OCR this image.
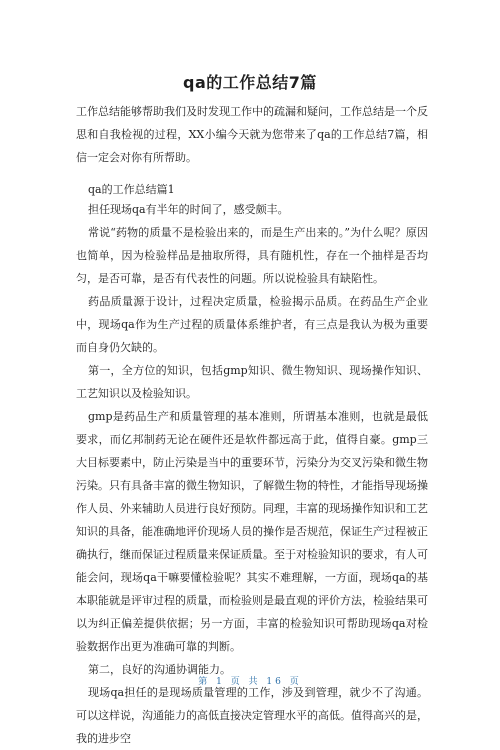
qa的工作总结7篇
工作总结能够帮助我们及时发现工作中的疏漏和疑问，工作总结是一个反思和自我检视的过程，XX小编今天就为您带来了qa的工作总结7篇，相信一定会对你有所帮助。
qa的工作总结篇1

担任现场qa有半年的时间了，感受颇丰。

常说“药物的质量不是检验出来的，而是生产出来的。”为什么呢？原因也简单，因为检验样品是抽取所得，具有随机性，存在一个抽样是否均匀，是否可靠，是否有代表性的问题。所以说检验具有缺陷性。

药品质量源于设计，过程决定质量，检验揭示品质。在药品生产企业中，现场qa作为生产过程的质量体系维护者，有三点是我认为极为重要而自身仍欠缺的。

第一，全方位的知识，包括gmp知识、微生物知识、现场操作知识、工艺知识以及检验知识。

gmp是药品生产和质量管理的基本准则，所谓基本准则，也就是最低要求，而亿邦制药无论在硬件还是软件都远高于此，值得自豪。gmp三大目标要素中，防止污染是当中的重要环节，污染分为交叉污染和微生物污染。只有具备丰富的微生物知识，了解微生物的特性，才能指导现场操作人员、外来辅助人员进行良好预防。同理，丰富的现场操作知识和工艺知识的具备，能准确地评价现场人员的操作是否规范，保证生产过程被正确执行，继而保证过程质量来保证质量。至于对检验知识的要求，有人可能会问，现场qa干嘛要懂检验呢？其实不难理解，一方面，现场qa的基本职能就是评审过程的质量，而检验则是最直观的评价方法，检验结果可以为纠正偏差提供依据；另一方面，丰富的检验知识可帮助现场qa对检验数据作出更为准确可靠的判断。

第二，良好的沟通协调能力。

现场qa担任的是现场质量管理的工作，涉及到管理，就少不了沟通。可以这样说，沟通能力的高低直接决定管理水平的高低。值得高兴的是，我的进步空

第 1 页 共 16 页
